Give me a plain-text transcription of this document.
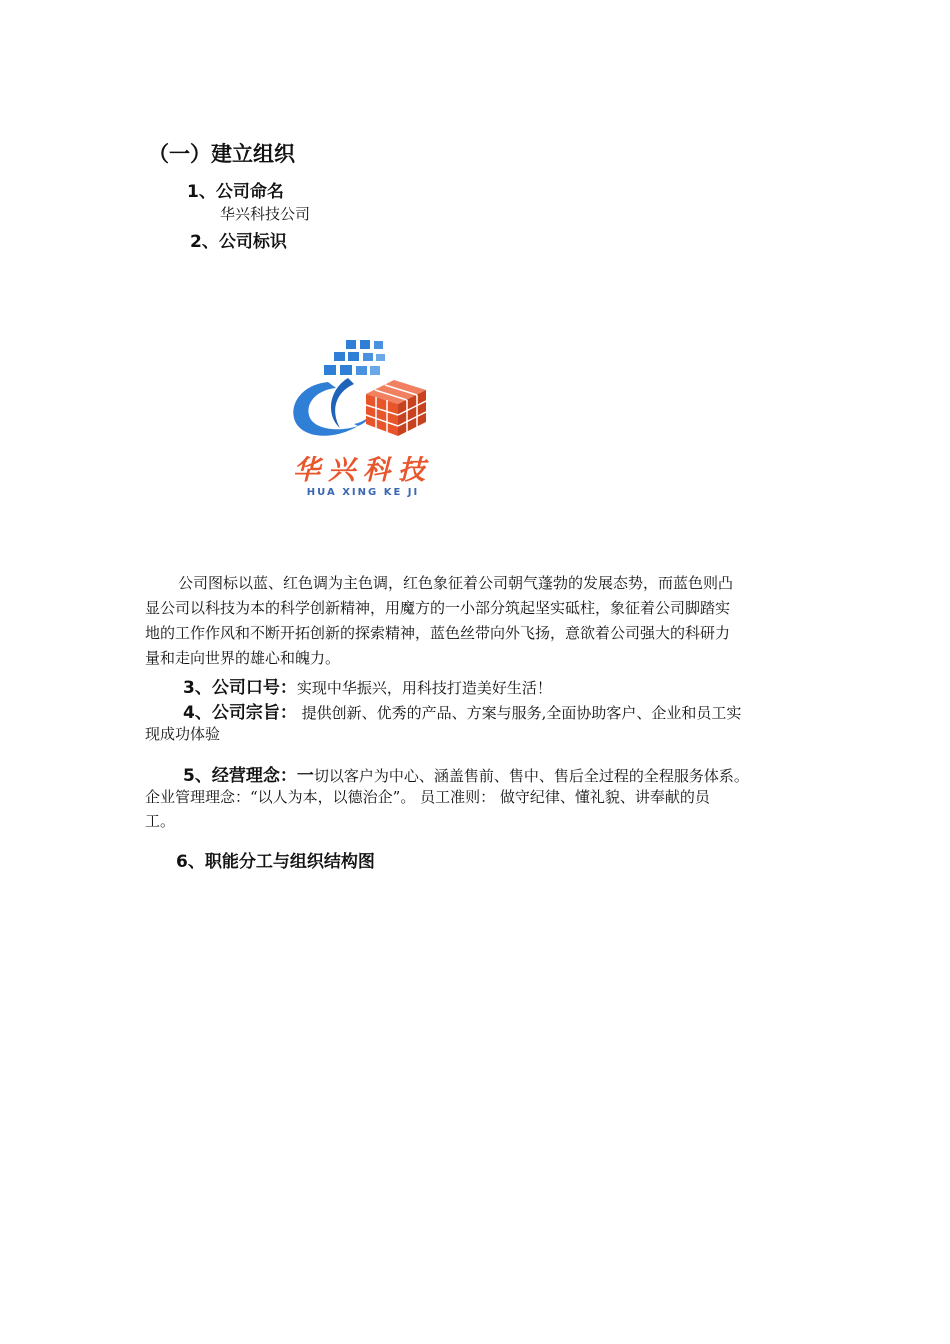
（一）建立组织
1、公司命名
华兴科技公司
2、公司标识
华兴科技
HUA XING KE JI
公司图标以蓝、红色调为主色调，红色象征着公司朝气蓬勃的发展态势，而蓝色则凸
显公司以科技为本的科学创新精神，用魔方的一小部分筑起坚实砥柱，象征着公司脚踏实
地的工作作风和不断开拓创新的探索精神，蓝色丝带向外飞扬，意欲着公司强大的科研力
量和走向世界的雄心和魄力。
3、公司口号：实现中华振兴，用科技打造美好生活！
4、公司宗旨： 提供创新、优秀的产品、方案与服务,全面协助客户、企业和员工实
现成功体验
5、经营理念：一切以客户为中心、涵盖售前、售中、售后全过程的全程服务体系。
企业管理理念：“以人为本，以德治企”。 员工准则： 做守纪律、懂礼貌、讲奉献的员
工。
6、职能分工与组织结构图
